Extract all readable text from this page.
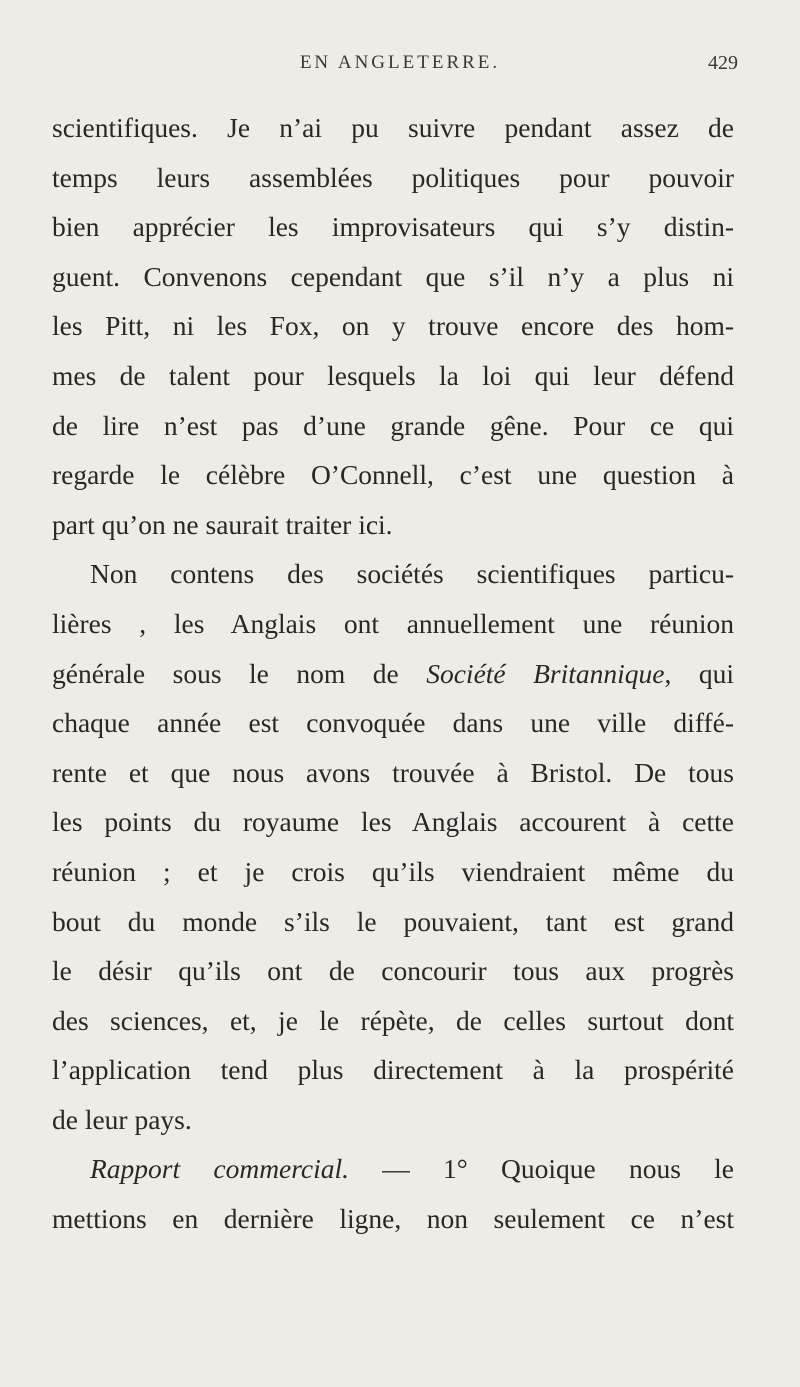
EN ANGLETERRE.	429
scientifiques. Je n’ai pu suivre pendant assez de
temps leurs assemblées politiques pour pouvoir
bien apprécier les improvisateurs qui s’y distin-
guent. Convenons cependant que s’il n’y a plus ni
les Pitt, ni les Fox, on y trouve encore des hom-
mes de talent pour lesquels la loi qui leur défend
de lire n’est pas d’une grande gêne. Pour ce qui
regarde le célèbre O’Connell, c’est une question à
part qu’on ne saurait traiter ici.
Non contens des sociétés scientifiques particu-
lières , les Anglais ont annuellement une réunion
générale sous le nom de Société Britannique, qui
chaque année est convoquée dans une ville diffé-
rente et que nous avons trouvée à Bristol. De tous
les points du royaume les Anglais accourent à cette
réunion ; et je crois qu’ils viendraient même du
bout du monde s’ils le pouvaient, tant est grand
le désir qu’ils ont de concourir tous aux progrès
des sciences, et, je le répète, de celles surtout dont
l’application tend plus directement à la prospérité
de leur pays.
Rapport commercial. — 1° Quoique nous le
mettions en dernière ligne, non seulement ce n’est
